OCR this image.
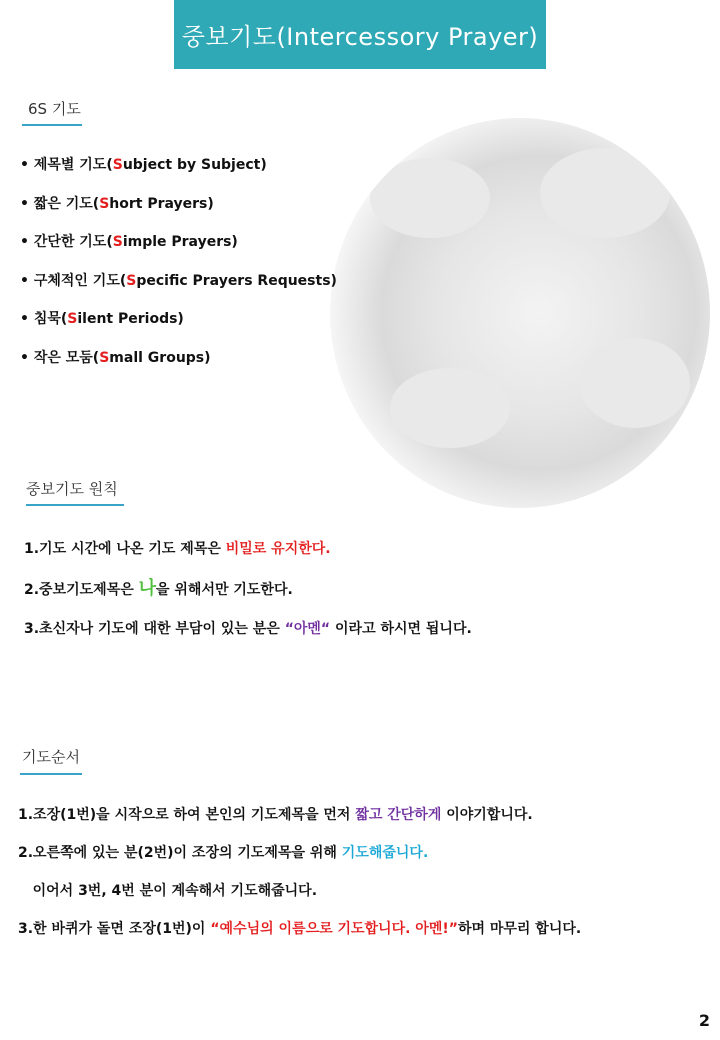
중보기도(Intercessory Prayer)
6S 기도
• 제목별 기도(Subject by Subject)
• 짧은 기도(Short Prayers)
• 간단한 기도(Simple Prayers)
• 구체적인 기도(Specific Prayers Requests)
• 침묵(Silent Periods)
• 작은 모둠(Small Groups)
중보기도 원칙
1.기도 시간에 나온 기도 제목은 비밀로 유지한다.
2.중보기도제목은 나을 위해서만 기도한다.
3.초신자나 기도에 대한 부담이 있는 분은 “아멘“ 이라고 하시면 됩니다.
기도순서
1.조장(1번)을 시작으로 하여 본인의 기도제목을 먼저 짧고 간단하게 이야기합니다.
2.오른쪽에 있는 분(2번)이 조장의 기도제목을 위해 기도해줍니다.
이어서 3번, 4번 분이 계속해서 기도해줍니다.
3.한 바퀴가 돌면 조장(1번)이 “예수님의 이름으로 기도합니다. 아멘!”하며 마무리 합니다.
2
